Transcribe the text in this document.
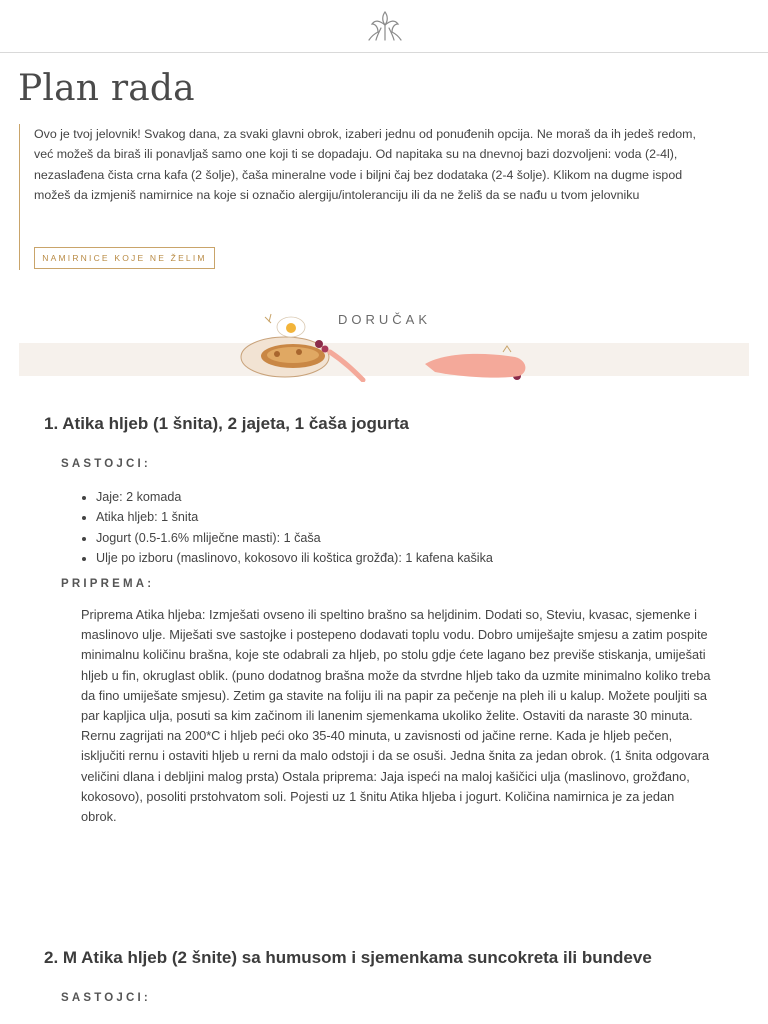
Plan rada

Ovo je tvoj jelovnik! Svakog dana, za svaki glavni obrok, izaberi jednu od ponuđenih opcija. Ne moraš da ih jedeš redom, već možeš da biraš ili ponavljaš samo one koji ti se dopadaju. Od napitaka su na dnevnoj bazi dozvoljeni: voda (2-4l), nezaslađena čista crna kafa (2 šolje), čaša mineralne vode i biljni čaj bez dodataka (2-4 šolje). Klikom na dugme ispod možeš da izmjeniš namirnice na koje si označio alergiju/intoleranciju ili da ne želiš da se nađu u tvom jelovniku

NAMIRNICE KOJE NE ŽELIM
DORUČAK
1. Atika hljeb (1 šnita), 2 jajeta, 1 čaša jogurta
SASTOJCI:
• Jaje: 2 komada
• Atika hljeb: 1 šnita
• Jogurt (0.5-1.6% mliječne masti): 1 čaša
• Ulje po izboru (maslinovo, kokosovo ili koštica grožđa): 1 kafena kašika
PRIPREMA:

Priprema Atika hljeba: Izmješati ovseno ili speltino brašno sa heljdinim. Dodati so, Steviu, kvasac, sjemenke i maslinovo ulje. Miješati sve sastojke i postepeno dodavati toplu vodu. Dobro umiješajte smjesu a zatim pospite minimalnu količinu brašna, koje ste odabrali za hljeb, po stolu gdje ćete lagano bez previše stiskanja, umiješati hljeb u fin, okruglast oblik. (puno dodatnog brašna može da stvrdne hljeb tako da uzmite minimalno koliko treba da fino umiješate smjesu). Zetim ga stavite na foliju ili na papir za pečenje na pleh ili u kalup. Možete pouljiti sa par kapljica ulja, posuti sa kim začinom ili lanenim sjemenkama ukoliko želite. Ostaviti da naraste 30 minuta. Rernu zagrijati na 200*C i hljeb peći oko 35-40 minuta, u zavisnosti od jačine rerne. Kada je hljeb pečen, isključiti rernu i ostaviti hljeb u rerni da malo odstoji i da se osuši. Jedna šnita za jedan obrok. (1 šnita odgovara veličini dlana i debljini malog prsta) Ostala priprema: Jaja ispeći na maloj kašičici ulja (maslinovo, grožđano, kokosovo), posoliti prstohvatom soli. Pojesti uz 1 šnitu Atika hljeba i jogurt. Količina namirnica je za jedan obrok.

2. M Atika hljeb (2 šnite) sa humusom i sjemenkama suncokreta ili bundeve
SASTOJCI:
